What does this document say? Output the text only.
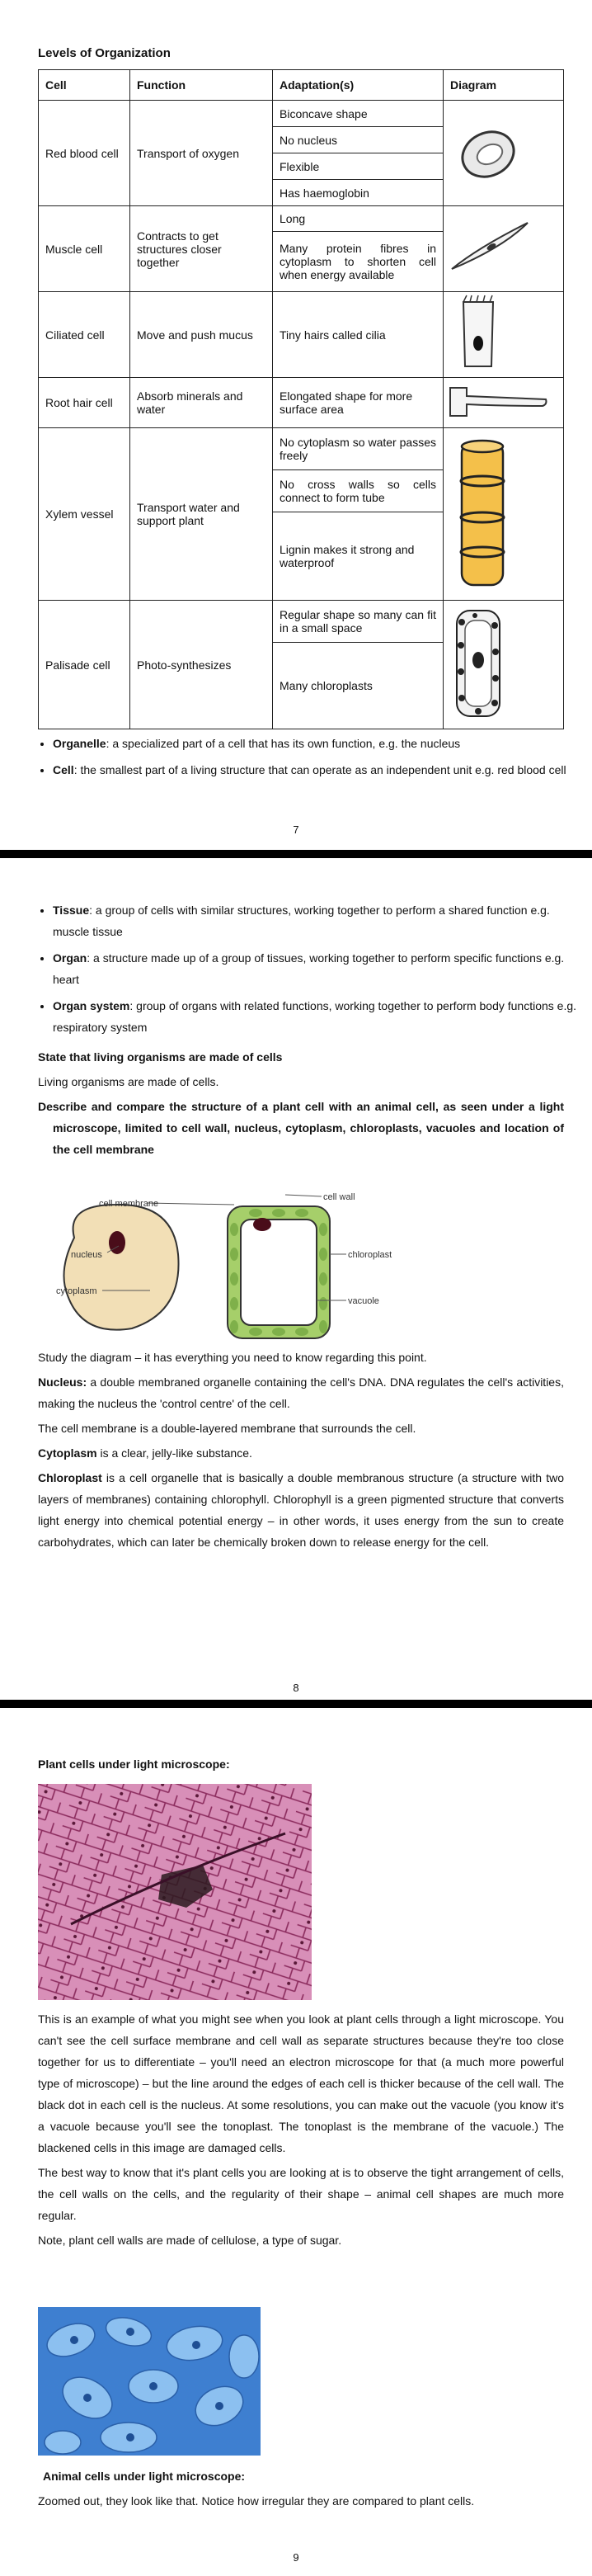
Levels of Organization
Cell	Function	Adaptation(s)	Diagram
Red blood cell	Transport of oxygen	Biconcave shape
No nucleus
Flexible
Has haemoglobin

Muscle cell	Contracts to get structures closer together	Long
Many protein fibres in cytoplasm to shorten cell when energy available

Ciliated cell	Move and push mucus	Tiny hairs called cilia

Root hair cell	Absorb minerals and water	Elongated shape for more surface area

Xylem vessel	Transport water and support plant	No cytoplasm so water passes freely
No cross walls so cells connect to form tube
Lignin makes it strong and waterproof

Palisade cell	Photo-synthesizes	Regular shape so many can fit in a small space
Many chloroplasts

• Organelle: a specialized part of a cell that has its own function, e.g. the nucleus
• Cell: the smallest part of a living structure that can operate as an independent unit e.g. red blood cell
7
• Tissue: a group of cells with similar structures, working together to perform a shared function e.g. muscle tissue
• Organ: a structure made up of a group of tissues, working together to perform specific functions e.g. heart
• Organ system: group of organs with related functions, working together to perform body functions e.g. respiratory system

State that living organisms are made of cells

Living organisms are made of cells.

Describe and compare the structure of a plant cell with an animal cell, as seen under a light microscope, limited to cell wall, nucleus, cytoplasm, chloroplasts, vacuoles and location of the cell membrane

cell membrane
nucleus
cytoplasm
cell wall
chloroplast
vacuole

Study the diagram – it has everything you need to know regarding this point.

Nucleus: a double membraned organelle containing the cell's DNA. DNA regulates the cell's activities, making the nucleus the 'control centre' of the cell.

The cell membrane is a double-layered membrane that surrounds the cell.

Cytoplasm is a clear, jelly-like substance.

Chloroplast is a cell organelle that is basically a double membranous structure (a structure with two layers of membranes) containing chlorophyll. Chlorophyll is a green pigmented structure that converts light energy into chemical potential energy – in other words, it uses energy from the sun to create carbohydrates, which can later be chemically broken down to release energy for the cell.

8
Plant cells under light microscope:

This is an example of what you might see when you look at plant cells through a light microscope. You can't see the cell surface membrane and cell wall as separate structures because they're too close together for us to differentiate – you'll need an electron microscope for that (a much more powerful type of microscope) – but the line around the edges of each cell is thicker because of the cell wall. The black dot in each cell is the nucleus. At some resolutions, you can make out the vacuole (you know it's a vacuole because you'll see the tonoplast. The tonoplast is the membrane of the vacuole.) The blackened cells in this image are damaged cells.

The best way to know that it's plant cells you are looking at is to observe the tight arrangement of cells, the cell walls on the cells, and the regularity of their shape – animal cell shapes are much more regular.

Note, plant cell walls are made of cellulose, a type of sugar.

Animal cells under light microscope:

Zoomed out, they look like that. Notice how irregular they are compared to plant cells.

9
